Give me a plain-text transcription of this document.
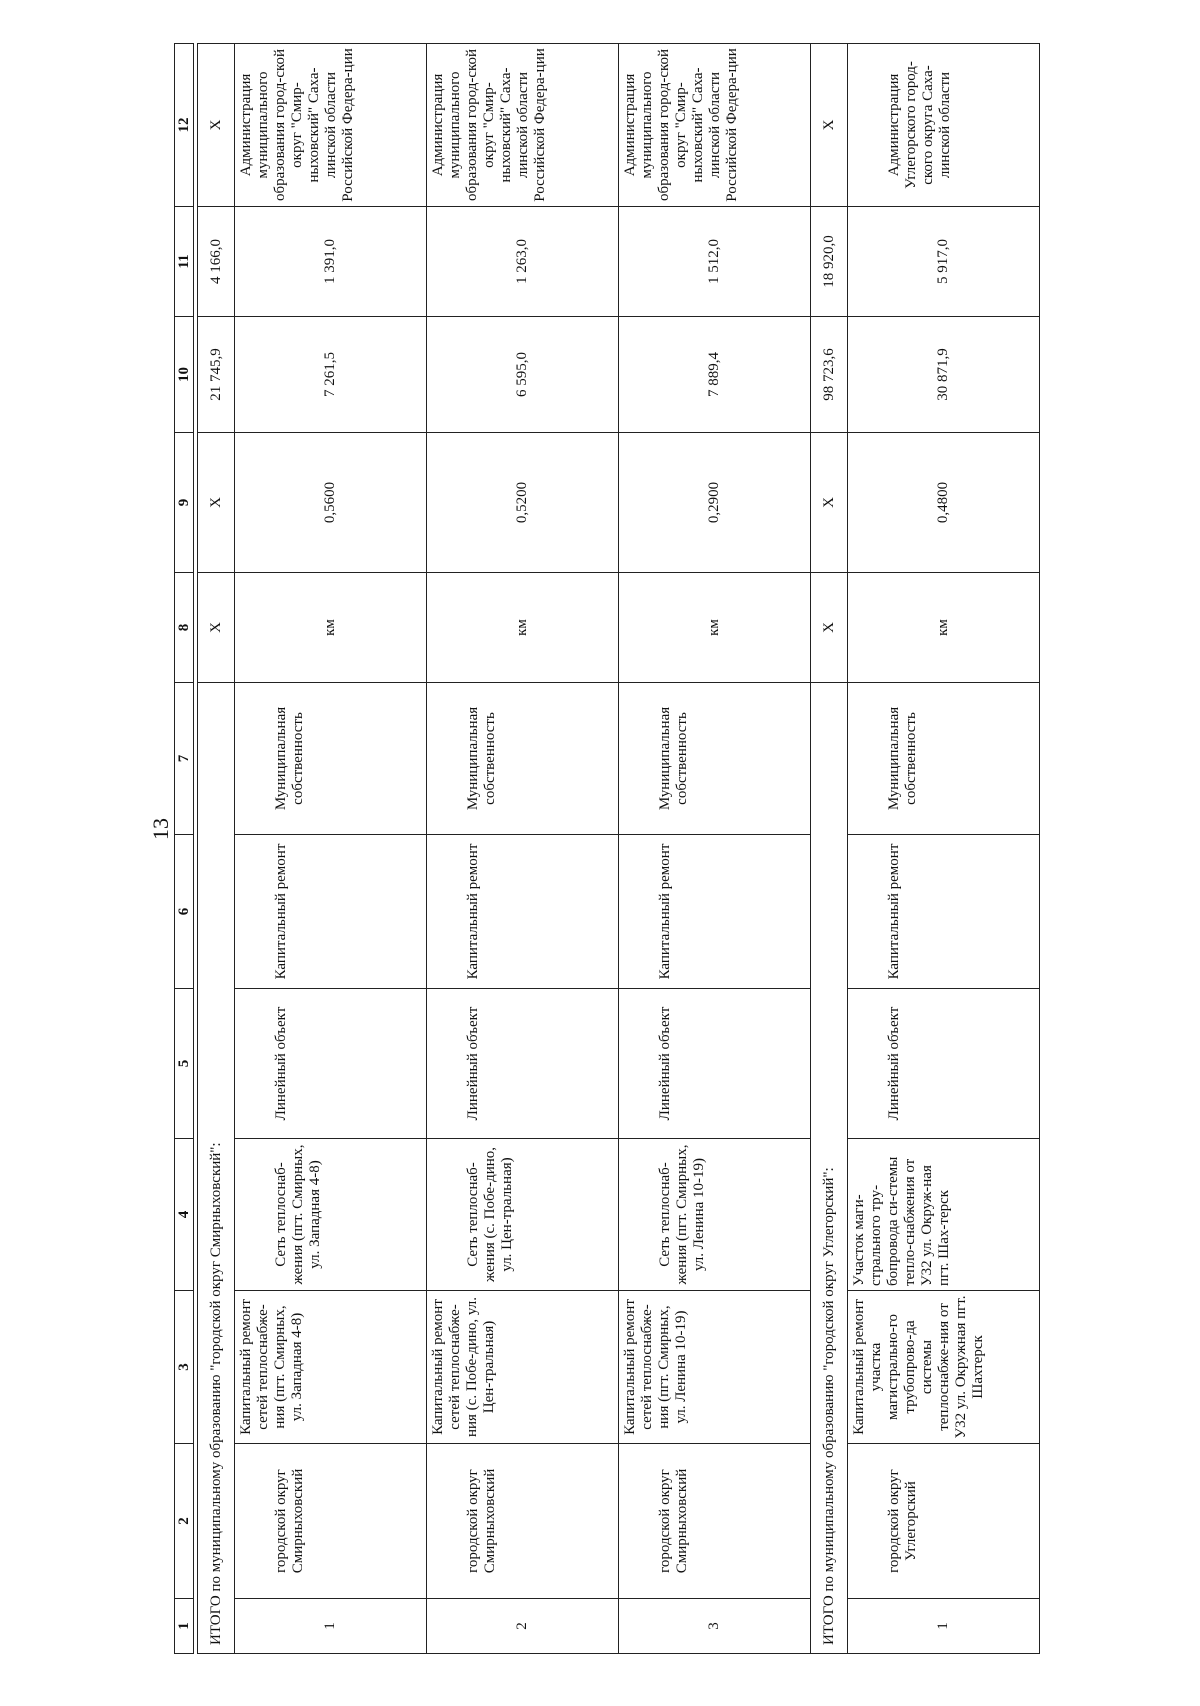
13
1	2	3	4	5	6	7	8	9	10	11	12

ИТОГО по муниципальному образованию "городской округ Смирныховский":							Х	Х	21 745,9	4 166,0	Х
1	городской округ Смирныховский	Капитальный ремонт сетей теплоснабже-ния (пгт. Смирных, ул. Западная 4-8)	Сеть теплоснаб-жения (пгт. Смирных, ул. Западная 4-8)	Линейный объект	Капитальный ремонт	Муниципальная собственность	км	0,5600	7 261,5	1 391,0	Администрация муниципального образования город-ской округ "Смир-ныховский" Саха-линской области Российской Федера-ции
2	городской округ Смирныховский	Капитальный ремонт сетей теплоснабже-ния (с. Побе-дино, ул. Цен-тральная)	Сеть теплоснаб-жения (с. Побе-дино, ул. Цен-тральная)	Линейный объект	Капитальный ремонт	Муниципальная собственность	км	0,5200	6 595,0	1 263,0	Администрация муниципального образования город-ской округ "Смир-ныховский" Саха-линской области Российской Федера-ции
3	городской округ Смирныховский	Капитальный ремонт сетей теплоснабже-ния (пгт. Смирных, ул. Ленина 10-19)	Сеть теплоснаб-жения (пгт. Смирных, ул. Ленина 10-19)	Линейный объект	Капитальный ремонт	Муниципальная собственность	км	0,2900	7 889,4	1 512,0	Администрация муниципального образования город-ской округ "Смир-ныховский" Саха-линской области Российской Федера-ции
ИТОГО по муниципальному образованию "городской округ Углегорский":							Х	Х	98 723,6	18 920,0	Х
1	городской округ Углегорский	Капитальный ремонт участка магистрально-го трубопрово-да системы теплоснабже-ния от У32 ул. Окружная пгт. Шахтерск	Участок маги-стрального тру-бопровода си-стемы тепло-снабжения от У32 ул. Окруж-ная пгт. Шах-терск	Линейный объект	Капитальный ремонт	Муниципальная собственность	км	0,4800	30 871,9	5 917,0	Администрация Углегорского город-ского округа Саха-линской области
